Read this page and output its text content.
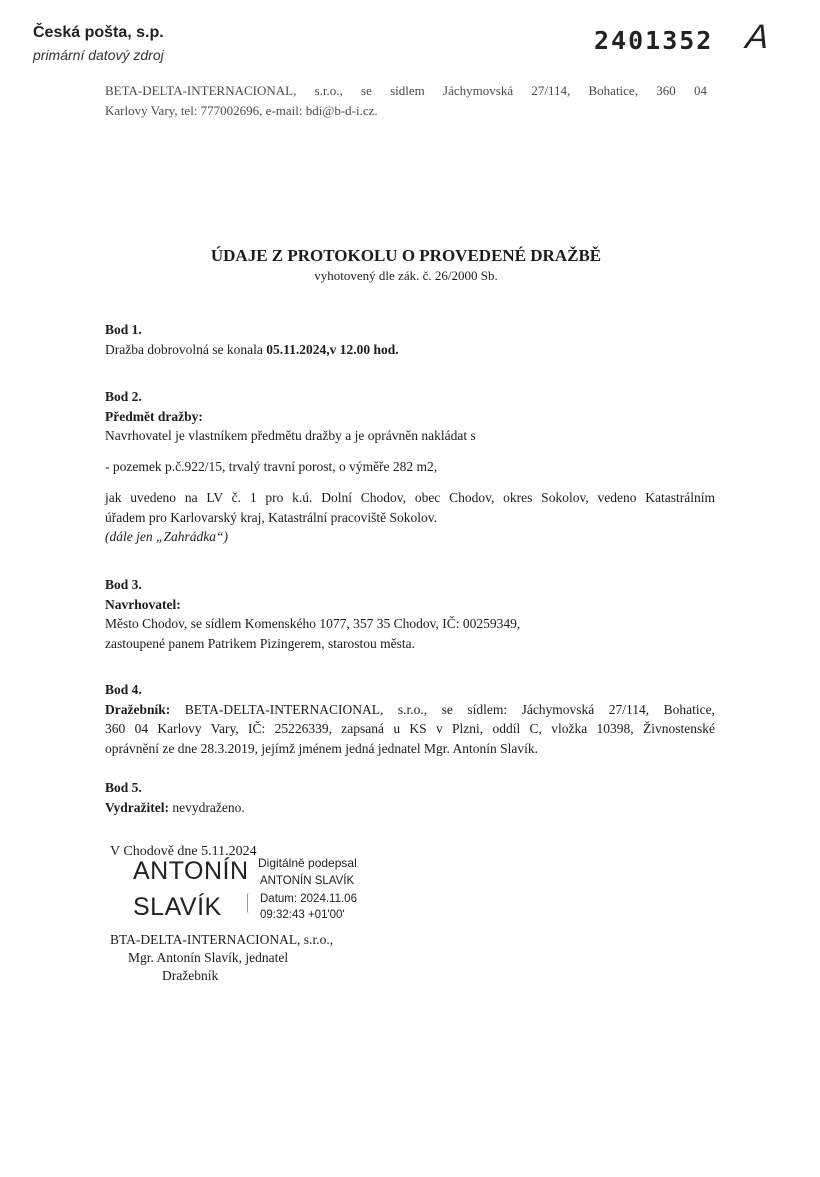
Česká pošta, s.p.
primární datový zdroj	2401352 A
BETA-DELTA-INTERNACIONAL, s.r.o., se sídlem Jáchymovská 27/114, Bohatice, 360 04
Karlovy Vary, tel: 777002696, e-mail: bdi@b-d-i.cz.
ÚDAJE Z PROTOKOLU O PROVEDENÉ DRAŽBĚ
vyhotovený dle zák. č. 26/2000 Sb.

Bod 1.

Dražba dobrovolná se konala 05.11.2024,v 12.00 hod.

Bod 2.

Předmět dražby:

Navrhovatel je vlastníkem předmětu dražby a je oprávněn nakládat s

- pozemek p.č.922/15, trvalý travní porost, o výměře 282 m2,

jak uvedeno na LV č. 1 pro k.ú. Dolní Chodov, obec Chodov, okres Sokolov, vedeno Katastrálním

úřadem pro Karlovarský kraj, Katastrální pracoviště Sokolov.

(dále jen „Zahrádka“)

Bod 3.

Navrhovatel:

Město Chodov, se sídlem Komenského 1077, 357 35 Chodov, IČ: 00259349,

zastoupené panem Patrikem Pizingerem, starostou města.

Bod 4.

Dražebník: BETA-DELTA-INTERNACIONAL, s.r.o., se sídlem: Jáchymovská 27/114, Bohatice,

360 04 Karlovy Vary, IČ: 25226339, zapsaná u KS v Plzni, oddíl C, vložka 10398, Živnostenské

oprávnění ze dne 28.3.2019, jejímž jménem jedná jednatel Mgr. Antonín Slavík.

Bod 5.

Vydražitel: nevydraženo.

V Chodově dne 5.11.2024
ANTONÍN
SLAVÍK
Digitálně podepsal
ANTONÍN SLAVÍK
Datum: 2024.11.06
09:32:43 +01'00'
BTA-DELTA-INTERNACIONAL, s.r.o.,
Mgr. Antonín Slavík, jednatel
Dražebník
